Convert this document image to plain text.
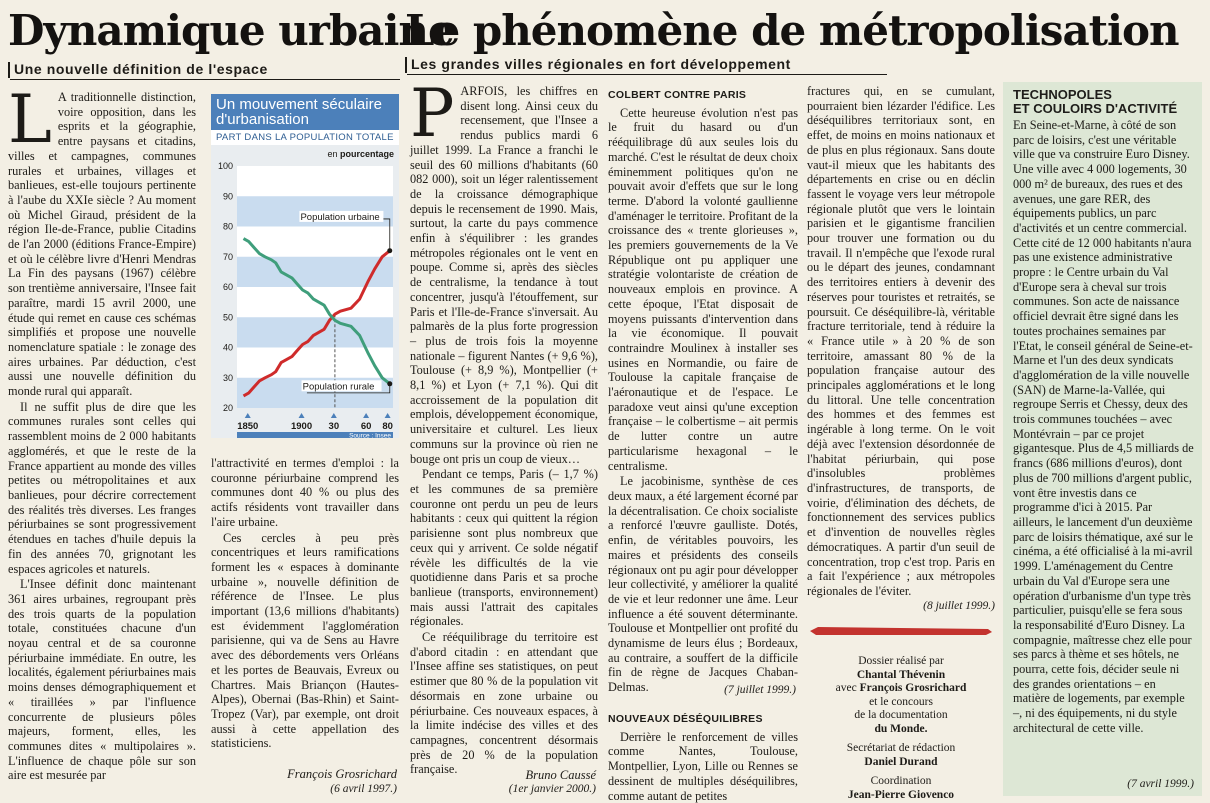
Dynamique urbaine
Une nouvelle définition de l'espace
Le phénomène de métropolisation
Les grandes villes régionales en fort développement
L A traditionnelle distinction, voire opposition, dans les esprits et la géographie, entre paysans et citadins, villes et campagnes, communes rurales et urbaines, villages et banlieues, est-elle toujours pertinente à l'aube du XXIe siècle ? Au moment où Michel Giraud, président de la région Ile-de-France, publie Citadins de l'an 2000 (éditions France-Empire) et où le célèbre livre d'Henri Mendras La Fin des paysans (1967) célèbre son trentième anniversaire, l'Insee fait paraître, mardi 15 avril 2000, une étude qui remet en cause ces schémas simplifiés et propose une nouvelle nomenclature spatiale : le zonage des aires urbaines. Par déduction, c'est aussi une nouvelle définition du monde rural qui apparaît.

Il ne suffit plus de dire que les communes rurales sont celles qui rassemblent moins de 2 000 habitants agglomérés, et que le reste de la France appartient au monde des villes petites ou métropolitaines et aux banlieues, pour décrire correctement des réalités très diverses. Les franges périurbaines se sont progressivement étendues en taches d'huile depuis la fin des années 70, grignotant les espaces agricoles et naturels.

L'Insee définit donc maintenant 361 aires urbaines, regroupant près des trois quarts de la population totale, constituées chacune d'un noyau central et de sa couronne périurbaine immédiate. En outre, les localités, également périurbaines mais moins denses démographiquement et « tiraillées » par l'influence concurrente de plusieurs pôles majeurs, forment, elles, les communes dites « multipolaires ». L'influence de chaque pôle sur son aire est mesurée par

Un mouvement séculaire
d'urbanisation
PART DANS LA POPULATION TOTALE
en pourcentage
20
30
40
50
60
70
80
90
100
Population urbaine
Population rurale
1850	1900 30 60 80
Source : Insee

l'attractivité en termes d'emploi : la couronne périurbaine comprend les communes dont 40 % ou plus des actifs résidents vont travailler dans l'aire urbaine.

Ces cercles à peu près concentriques et leurs ramifications forment les « espaces à dominante urbaine », nouvelle définition de référence de l'Insee. Le plus important (13,6 millions d'habitants) est évidemment l'agglomération parisienne, qui va de Sens au Havre avec des débordements vers Orléans et les portes de Beauvais, Evreux ou Chartres. Mais Briançon (Hautes-Alpes), Obernai (Bas-Rhin) et Saint-Tropez (Var), par exemple, ont droit aussi à cette appellation des statisticiens.

François Grosrichard
(6 avril 1997.)
P ARFOIS, les chiffres en disent long. Ainsi ceux du recensement, que l'Insee a rendus publics mardi 6 juillet 1999. La France a franchi le seuil des 60 millions d'habitants (60 082 000), soit un léger ralentissement de la croissance démographique depuis le recensement de 1990. Mais, surtout, la carte du pays commence enfin à s'équilibrer : les grandes métropoles régionales ont le vent en poupe. Comme si, après des siècles de centralisme, la tendance à tout concentrer, jusqu'à l'étouffement, sur Paris et l'Ile-de-France s'inversait. Au palmarès de la plus forte progression – plus de trois fois la moyenne nationale – figurent Nantes (+ 9,6 %), Toulouse (+ 8,9 %), Montpellier (+ 8,1 %) et Lyon (+ 7,1 %). Qui dit accroissement de la population dit emplois, développement économique, universitaire et culturel. Les lieux communs sur la province où rien ne bouge ont pris un coup de vieux…

Pendant ce temps, Paris (– 1,7 %) et les communes de sa première couronne ont perdu un peu de leurs habitants : ceux qui quittent la région parisienne sont plus nombreux que ceux qui y arrivent. Ce solde négatif révèle les difficultés de la vie quotidienne dans Paris et sa proche banlieue (transports, environnement) mais aussi l'attrait des capitales régionales.

Ce rééquilibrage du territoire est d'abord citadin : en attendant que l'Insee affine ses statistiques, on peut estimer que 80 % de la population vit désormais en zone urbaine ou périurbaine. Ces nouveaux espaces, à la limite indécise des villes et des campagnes, concentrent désormais près de 20 % de la population française.	Bruno Caussé
(1er janvier 2000.)
COLBERT CONTRE PARIS

Cette heureuse évolution n'est pas le fruit du hasard ou d'un rééquilibrage dû aux seules lois du marché. C'est le résultat de deux choix éminemment politiques qu'on ne pouvait avoir d'effets que sur le long terme. D'abord la volonté gaullienne d'aménager le territoire. Profitant de la croissance des « trente glorieuses », les premiers gouvernements de la Ve République ont pu appliquer une stratégie volontariste de création de nouveaux emplois en province. A cette époque, l'Etat disposait de moyens puissants d'intervention dans la vie économique. Il pouvait contraindre Moulinex à installer ses usines en Normandie, ou faire de Toulouse la capitale française de l'aéronautique et de l'espace. Le paradoxe veut ainsi qu'une exception française – le colbertisme – ait permis de lutter contre un autre particularisme hexagonal – le centralisme.

Le jacobinisme, synthèse de ces deux maux, a été largement écorné par la décentralisation. Ce choix socialiste a renforcé l'œuvre gaulliste. Dotés, enfin, de véritables pouvoirs, les maires et présidents des conseils régionaux ont pu agir pour développer leur collectivité, y améliorer la qualité de vie et leur redonner une âme. Leur influence a été souvent déterminante. Toulouse et Montpellier ont profité du dynamisme de leurs élus ; Bordeaux, au contraire, a souffert de la difficile fin de règne de Jacques Chaban-Delmas.	(7 juillet 1999.)
NOUVEAUX DÉSÉQUILIBRES

Derrière le renforcement de villes comme Nantes, Toulouse, Montpellier, Lyon, Lille ou Rennes se dessinent de multiples déséquilibres, comme autant de petites

fractures qui, en se cumulant, pourraient bien lézarder l'édifice. Les déséquilibres territoriaux sont, en effet, de moins en moins nationaux et de plus en plus régionaux. Sans doute vaut-il mieux que les habitants des départements en crise ou en déclin fassent le voyage vers leur métropole régionale plutôt que vers le lointain parisien et le gigantisme francilien pour trouver une formation ou du travail. Il n'empêche que l'exode rural ou le départ des jeunes, condamnant des territoires entiers à devenir des réserves pour touristes et retraités, se poursuit. Ce déséquilibre-là, véritable fracture territoriale, tend à réduire la « France utile » à 20 % de son territoire, amassant 80 % de la population française autour des principales agglomérations et le long du littoral. Une telle concentration des hommes et des femmes est ingérable à long terme. On le voit déjà avec l'extension désordonnée de l'habitat périurbain, qui pose d'insolubles problèmes d'infrastructures, de transports, de voirie, d'élimination des déchets, de fonctionnement des services publics et d'invention de nouvelles règles démocratiques. A partir d'un seuil de concentration, trop c'est trop. Paris en a fait l'expérience ; aux métropoles régionales de l'éviter.

(8 juillet 1999.)
Dossier réalisé par
Chantal Thévenin
avec François Grosrichard
et le concours
de la documentation
du Monde.
Secrétariat de rédaction
Daniel Durand
Coordination
Jean-Pierre Giovenco
TECHNOPOLES
ET COULOIRS D'ACTIVITÉ
En Seine-et-Marne, à côté de son parc de loisirs, c'est une véritable ville que va construire Euro Disney. Une ville avec 4 000 logements, 30 000 m² de bureaux, des rues et des avenues, une gare RER, des équipements publics, un parc d'activités et un centre commercial. Cette cité de 12 000 habitants n'aura pas une existence administrative propre : le Centre urbain du Val d'Europe sera à cheval sur trois communes. Son acte de naissance officiel devrait être signé dans les toutes prochaines semaines par l'Etat, le conseil général de Seine-et-Marne et l'un des deux syndicats d'agglomération de la ville nouvelle (SAN) de Marne-la-Vallée, qui regroupe Serris et Chessy, deux des trois communes touchées – avec Montévrain – par ce projet gigantesque. Plus de 4,5 milliards de francs (686 millions d'euros), dont plus de 700 millions d'argent public, vont être investis dans ce programme d'ici à 2015. Par ailleurs, le lancement d'un deuxième parc de loisirs thématique, axé sur le cinéma, a été officialisé à la mi-avril 1999. L'aménagement du Centre urbain du Val d'Europe sera une opération d'urbanisme d'un type très particulier, puisqu'elle se fera sous la responsabilité d'Euro Disney. La compagnie, maîtresse chez elle pour ses parcs à thème et ses hôtels, ne pourra, cette fois, décider seule ni des grandes orientations – en matière de logements, par exemple –, ni des équipements, ni du style architectural de cette ville.
(7 avril 1999.)
